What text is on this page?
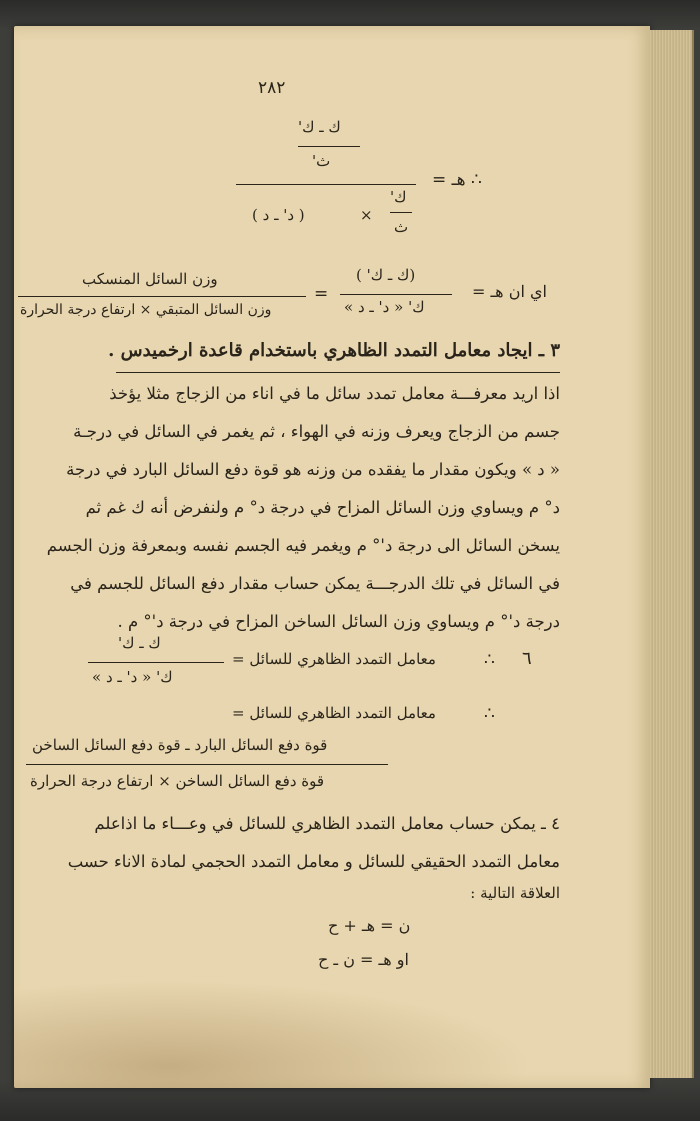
٢٨٢
ك ـ ك'
ث'
∴ هـ =
ك'
ث
×
( د' ـ د )
اي ان هـ =
(ك ـ ك' )
ك' « د' ـ د »
=
وزن السائل المنسكب
وزن السائل المتبقي × ارتفاع درجة الحرارة
٣ ـ ايجاد معامل التمدد الظاهري باستخدام قاعدة ارخميدس .
اذا اريد معرفـــة معامل تمدد سائل ما في اناء من الزجاج مثلا يؤخذ
جسم من الزجاج ويعرف وزنه في الهواء ، ثم يغمر في السائل في درجـة
« د » ويكون مقدار ما يفقده من وزنه هو قوة دفع السائل البارد في درجة
د° م ويساوي وزن السائل المزاح في درجة د° م ولنفرض أنه ك غم ثم
يسخن السائل الى درجة د'° م ويغمر فيه الجسم نفسه وبمعرفة وزن الجسم
في السائل في تلك الدرجـــة يمكن حساب مقدار دفع السائل للجسم في
درجة د'° م ويساوي وزن السائل الساخن المزاح في درجة د'° م .
٦
∴
معامل التمدد الظاهري للسائل =
ك ـ ك'
ك' « د' ـ د »
∴
معامل التمدد الظاهري للسائل =
قوة دفع السائل البارد ـ قوة دفع السائل الساخن
قوة دفع السائل الساخن × ارتفاع درجة الحرارة
٤ ـ يمكن حساب معامل التمدد الظاهري للسائل في وعـــاء ما اذاعلم
معامل التمدد الحقيقي للسائل و معامل التمدد الحجمي لمادة الاناء حسب
العلاقة التالية :
ن = هـ + ح
او هـ = ن ـ ح
